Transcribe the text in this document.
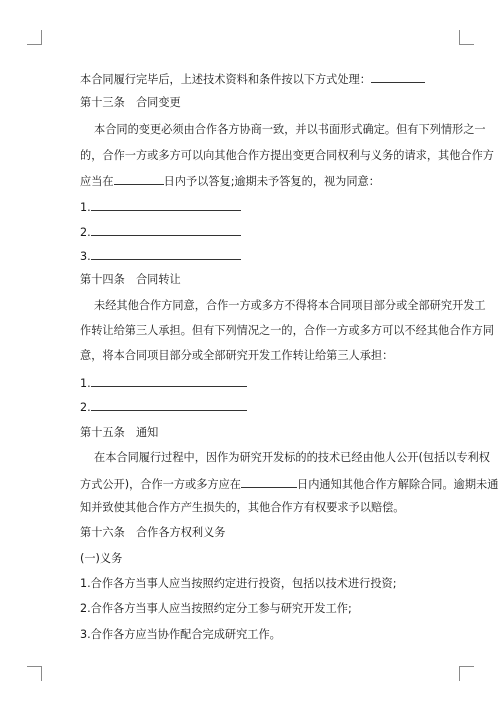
本合同履行完毕后，上述技术资料和条件按以下方式处理：
第十三条　合同变更
本合同的变更必须由合作各方协商一致，并以书面形式确定。但有下列情形之一
的，合作一方或多方可以向其他合作方提出变更合同权利与义务的请求，其他合作方
应当在	日内予以答复;逾期未予答复的，视为同意：
1.
2.
3.
第十四条　合同转让
未经其他合作方同意，合作一方或多方不得将本合同项目部分或全部研究开发工
作转让给第三人承担。但有下列情况之一的，合作一方或多方可以不经其他合作方同
意，将本合同项目部分或全部研究开发工作转让给第三人承担：
1.
2.
第十五条　通知
在本合同履行过程中，因作为研究开发标的的技术已经由他人公开(包括以专利权
方式公开)，合作一方或多方应在	日内通知其他合作方解除合同。逾期未通
知并致使其他合作方产生损失的，其他合作方有权要求予以赔偿。
第十六条　合作各方权利义务
(一)义务
1.合作各方当事人应当按照约定进行投资，包括以技术进行投资;
2.合作各方当事人应当按照约定分工参与研究开发工作;
3.合作各方应当协作配合完成研究工作。
